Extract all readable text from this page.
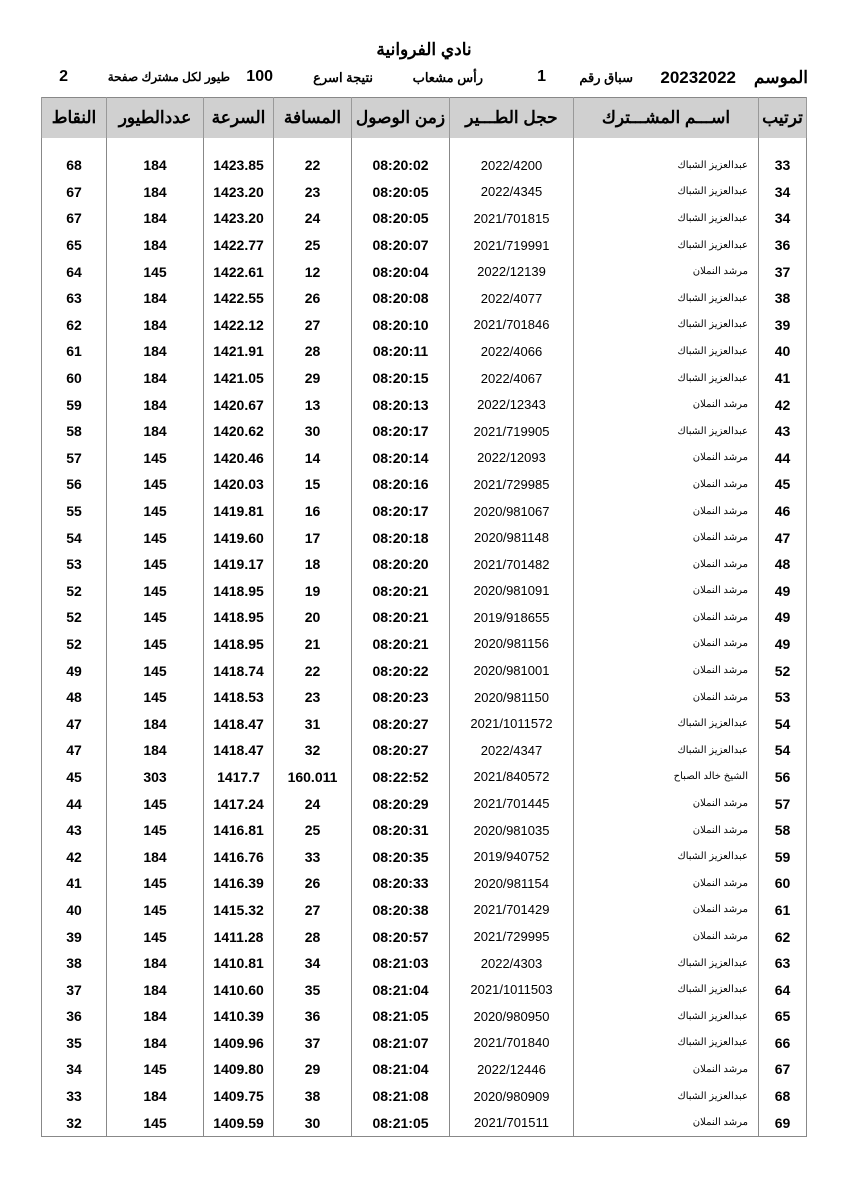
نادي الفروانية
الموسم
20232022
سباق رقم
1
رأس مشعاب
نتيجة اسرع
100
طيور لكل مشترك صفحة
2
ترتيب	اســـم المشـــترك	حجل الطـــير	زمن الوصول	المسافة	السرعة	عددالطيور	النقاط

33	عبدالعزيز الشباك	2022/4200	08:20:02	22	1423.85	184	68
34	عبدالعزيز الشباك	2022/4345	08:20:05	23	1423.20	184	67
34	عبدالعزيز الشباك	2021/701815	08:20:05	24	1423.20	184	67
36	عبدالعزيز الشباك	2021/719991	08:20:07	25	1422.77	184	65
37	مرشد النملان	2022/12139	08:20:04	12	1422.61	145	64
38	عبدالعزيز الشباك	2022/4077	08:20:08	26	1422.55	184	63
39	عبدالعزيز الشباك	2021/701846	08:20:10	27	1422.12	184	62
40	عبدالعزيز الشباك	2022/4066	08:20:11	28	1421.91	184	61
41	عبدالعزيز الشباك	2022/4067	08:20:15	29	1421.05	184	60
42	مرشد النملان	2022/12343	08:20:13	13	1420.67	184	59
43	عبدالعزيز الشباك	2021/719905	08:20:17	30	1420.62	184	58
44	مرشد النملان	2022/12093	08:20:14	14	1420.46	145	57
45	مرشد النملان	2021/729985	08:20:16	15	1420.03	145	56
46	مرشد النملان	2020/981067	08:20:17	16	1419.81	145	55
47	مرشد النملان	2020/981148	08:20:18	17	1419.60	145	54
48	مرشد النملان	2021/701482	08:20:20	18	1419.17	145	53
49	مرشد النملان	2020/981091	08:20:21	19	1418.95	145	52
49	مرشد النملان	2019/918655	08:20:21	20	1418.95	145	52
49	مرشد النملان	2020/981156	08:20:21	21	1418.95	145	52
52	مرشد النملان	2020/981001	08:20:22	22	1418.74	145	49
53	مرشد النملان	2020/981150	08:20:23	23	1418.53	145	48
54	عبدالعزيز الشباك	2021/1011572	08:20:27	31	1418.47	184	47
54	عبدالعزيز الشباك	2022/4347	08:20:27	32	1418.47	184	47
56	الشيخ خالد الصباح	2021/840572	08:22:52	160.011	1417.7	303	45
57	مرشد النملان	2021/701445	08:20:29	24	1417.24	145	44
58	مرشد النملان	2020/981035	08:20:31	25	1416.81	145	43
59	عبدالعزيز الشباك	2019/940752	08:20:35	33	1416.76	184	42
60	مرشد النملان	2020/981154	08:20:33	26	1416.39	145	41
61	مرشد النملان	2021/701429	08:20:38	27	1415.32	145	40
62	مرشد النملان	2021/729995	08:20:57	28	1411.28	145	39
63	عبدالعزيز الشباك	2022/4303	08:21:03	34	1410.81	184	38
64	عبدالعزيز الشباك	2021/1011503	08:21:04	35	1410.60	184	37
65	عبدالعزيز الشباك	2020/980950	08:21:05	36	1410.39	184	36
66	عبدالعزيز الشباك	2021/701840	08:21:07	37	1409.96	184	35
67	مرشد النملان	2022/12446	08:21:04	29	1409.80	145	34
68	عبدالعزيز الشباك	2020/980909	08:21:08	38	1409.75	184	33
69	مرشد النملان	2021/701511	08:21:05	30	1409.59	145	32
